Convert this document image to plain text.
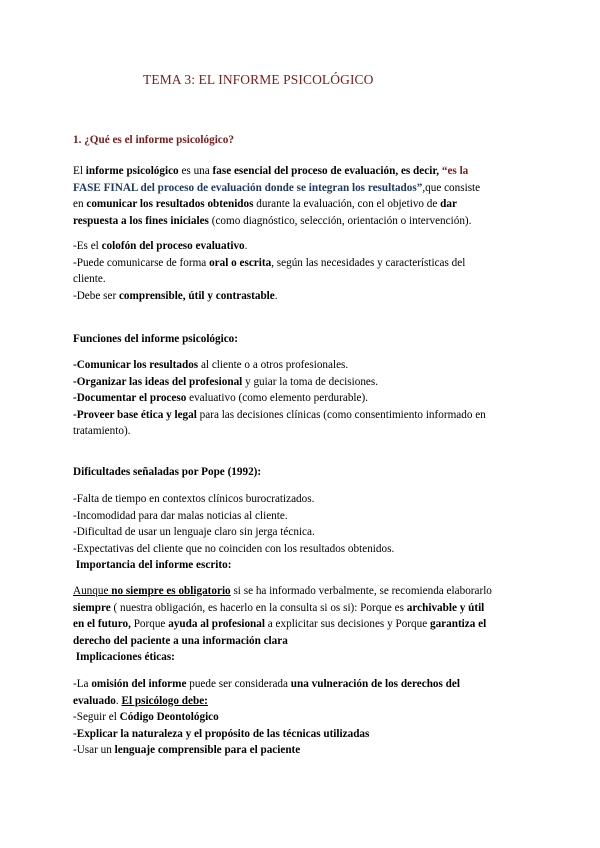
TEMA 3: EL INFORME PSICOLÓGICO
1. ¿Qué es el informe psicológico?
El informe psicológico es una fase esencial del proceso de evaluación, es decir, “es la
FASE FINAL del proceso de evaluación donde se integran los resultados”,que consiste
en comunicar los resultados obtenidos durante la evaluación, con el objetivo de dar
respuesta a los fines iniciales (como diagnóstico, selección, orientación o intervención).
-Es el colofón del proceso evaluativo.
-Puede comunicarse de forma oral o escrita, según las necesidades y características del
cliente.
-Debe ser comprensible, útil y contrastable.
Funciones del informe psicológico:
-Comunicar los resultados al cliente o a otros profesionales.
-Organizar las ideas del profesional y guiar la toma de decisiones.
-Documentar el proceso evaluativo (como elemento perdurable).
-Proveer base ética y legal para las decisiones clínicas (como consentimiento informado en
tratamiento).
Dificultades señaladas por Pope (1992):
-Falta de tiempo en contextos clínicos burocratizados.
-Incomodidad para dar malas noticias al cliente.
-Dificultad de usar un lenguaje claro sin jerga técnica.
-Expectativas del cliente que no coinciden con los resultados obtenidos.
Importancia del informe escrito:
Aunque no siempre es obligatorio si se ha informado verbalmente, se recomienda elaborarlo
siempre ( nuestra obligación, es hacerlo en la consulta si os si): Porque es archivable y útil
en el futuro, Porque ayuda al profesional a explicitar sus decisiones y Porque garantiza el
derecho del paciente a una información clara
Implicaciones éticas:
-La omisión del informe puede ser considerada una vulneración de los derechos del
evaluado. El psicólogo debe:
-Seguir el Código Deontológico
-Explicar la naturaleza y el propósito de las técnicas utilizadas
-Usar un lenguaje comprensible para el paciente
